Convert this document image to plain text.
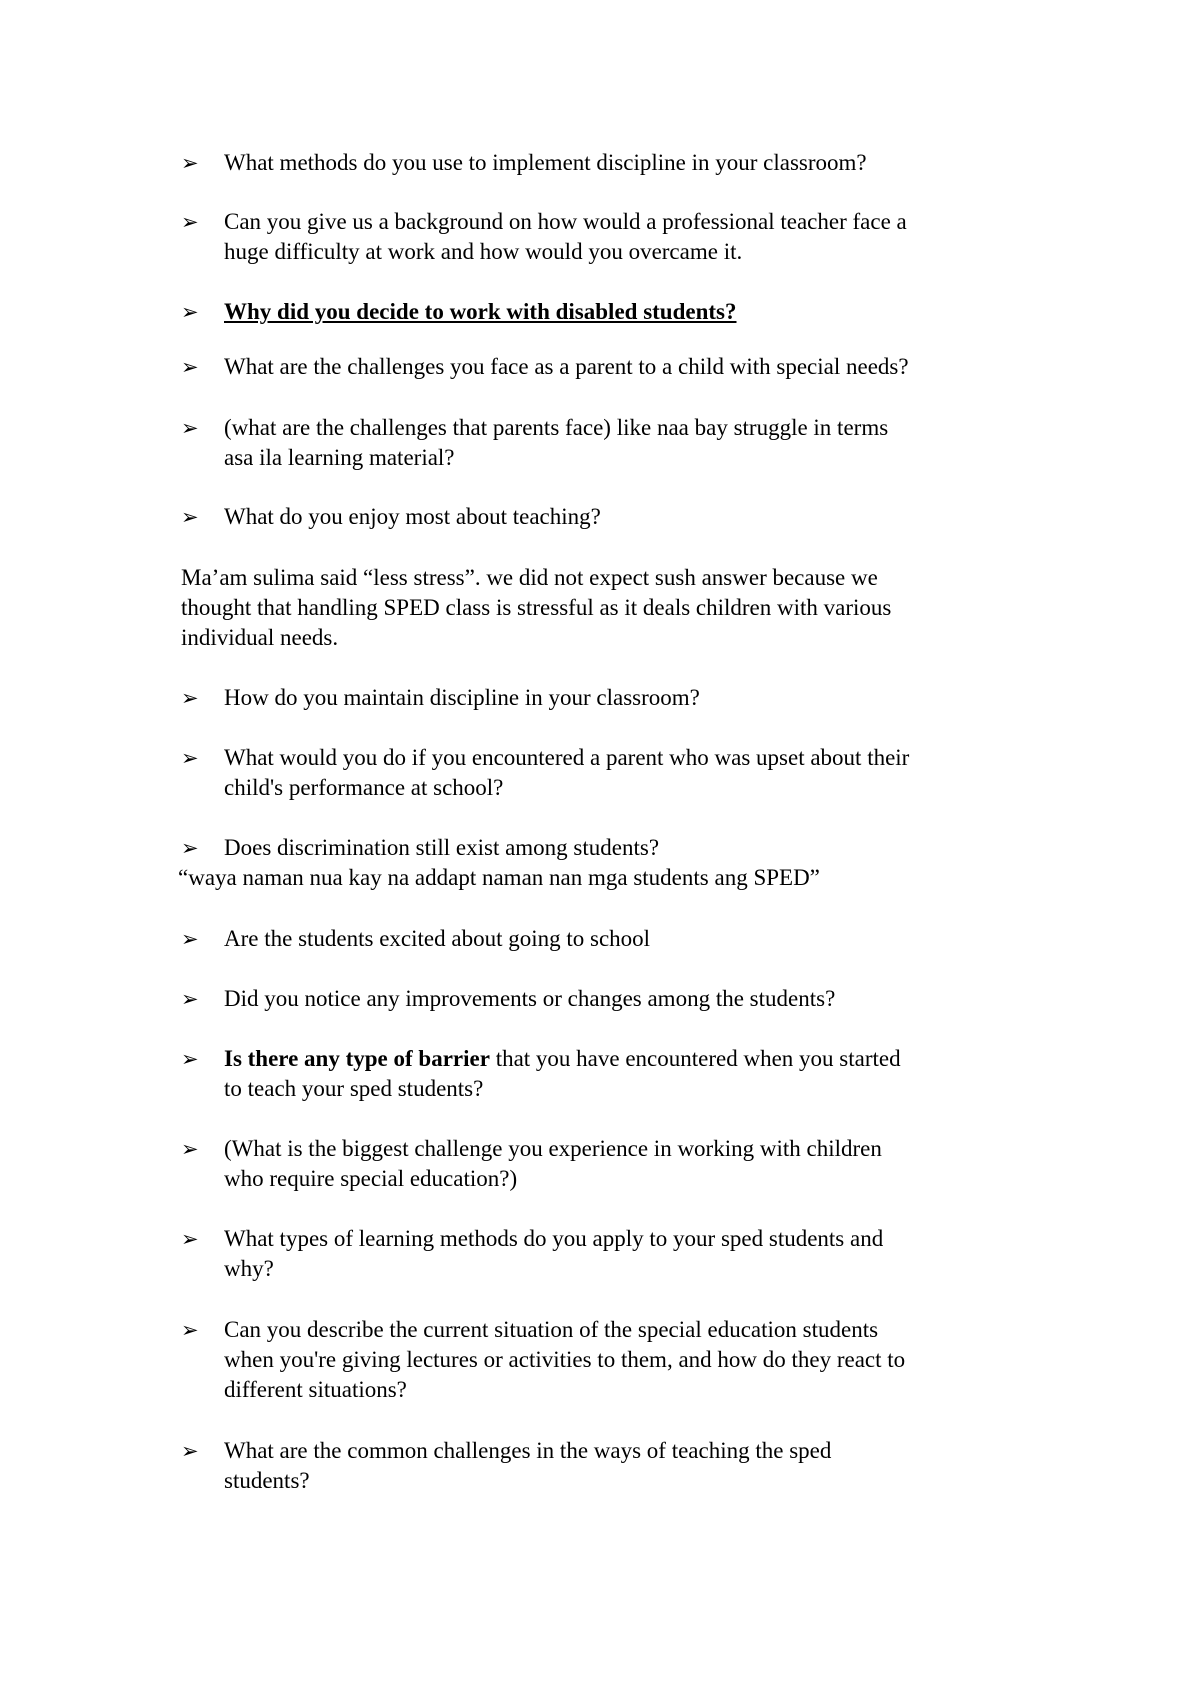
➢	What methods do you use to implement discipline in your classroom?
➢	Can you give us a background on how would a professional teacher face a
huge difficulty at work and how would you overcame it.
➢	Why did you decide to work with disabled students?
➢	What are the challenges you face as a parent to a child with special needs?
➢	(what are the challenges that parents face) like naa bay struggle in terms
asa ila learning material?
➢	What do you enjoy most about teaching?
Ma’am sulima said “less stress”. we did not expect sush answer because we
thought that handling SPED class is stressful as it deals children with various
individual needs.
➢	How do you maintain discipline in your classroom?
➢	What would you do if you encountered a parent who was upset about their
child's performance at school?
➢	Does discrimination still exist among students?
“waya naman nua kay na addapt naman nan mga students ang SPED”
➢	Are the students excited about going to school
➢	Did you notice any improvements or changes among the students?
➢	Is there any type of barrier that you have encountered when you started
to teach your sped students?
➢	(What is the biggest challenge you experience in working with children
who require special education?)
➢	What types of learning methods do you apply to your sped students and
why?
➢	Can you describe the current situation of the special education students
when you're giving lectures or activities to them, and how do they react to
different situations?
➢	What are the common challenges in the ways of teaching the sped
students?
